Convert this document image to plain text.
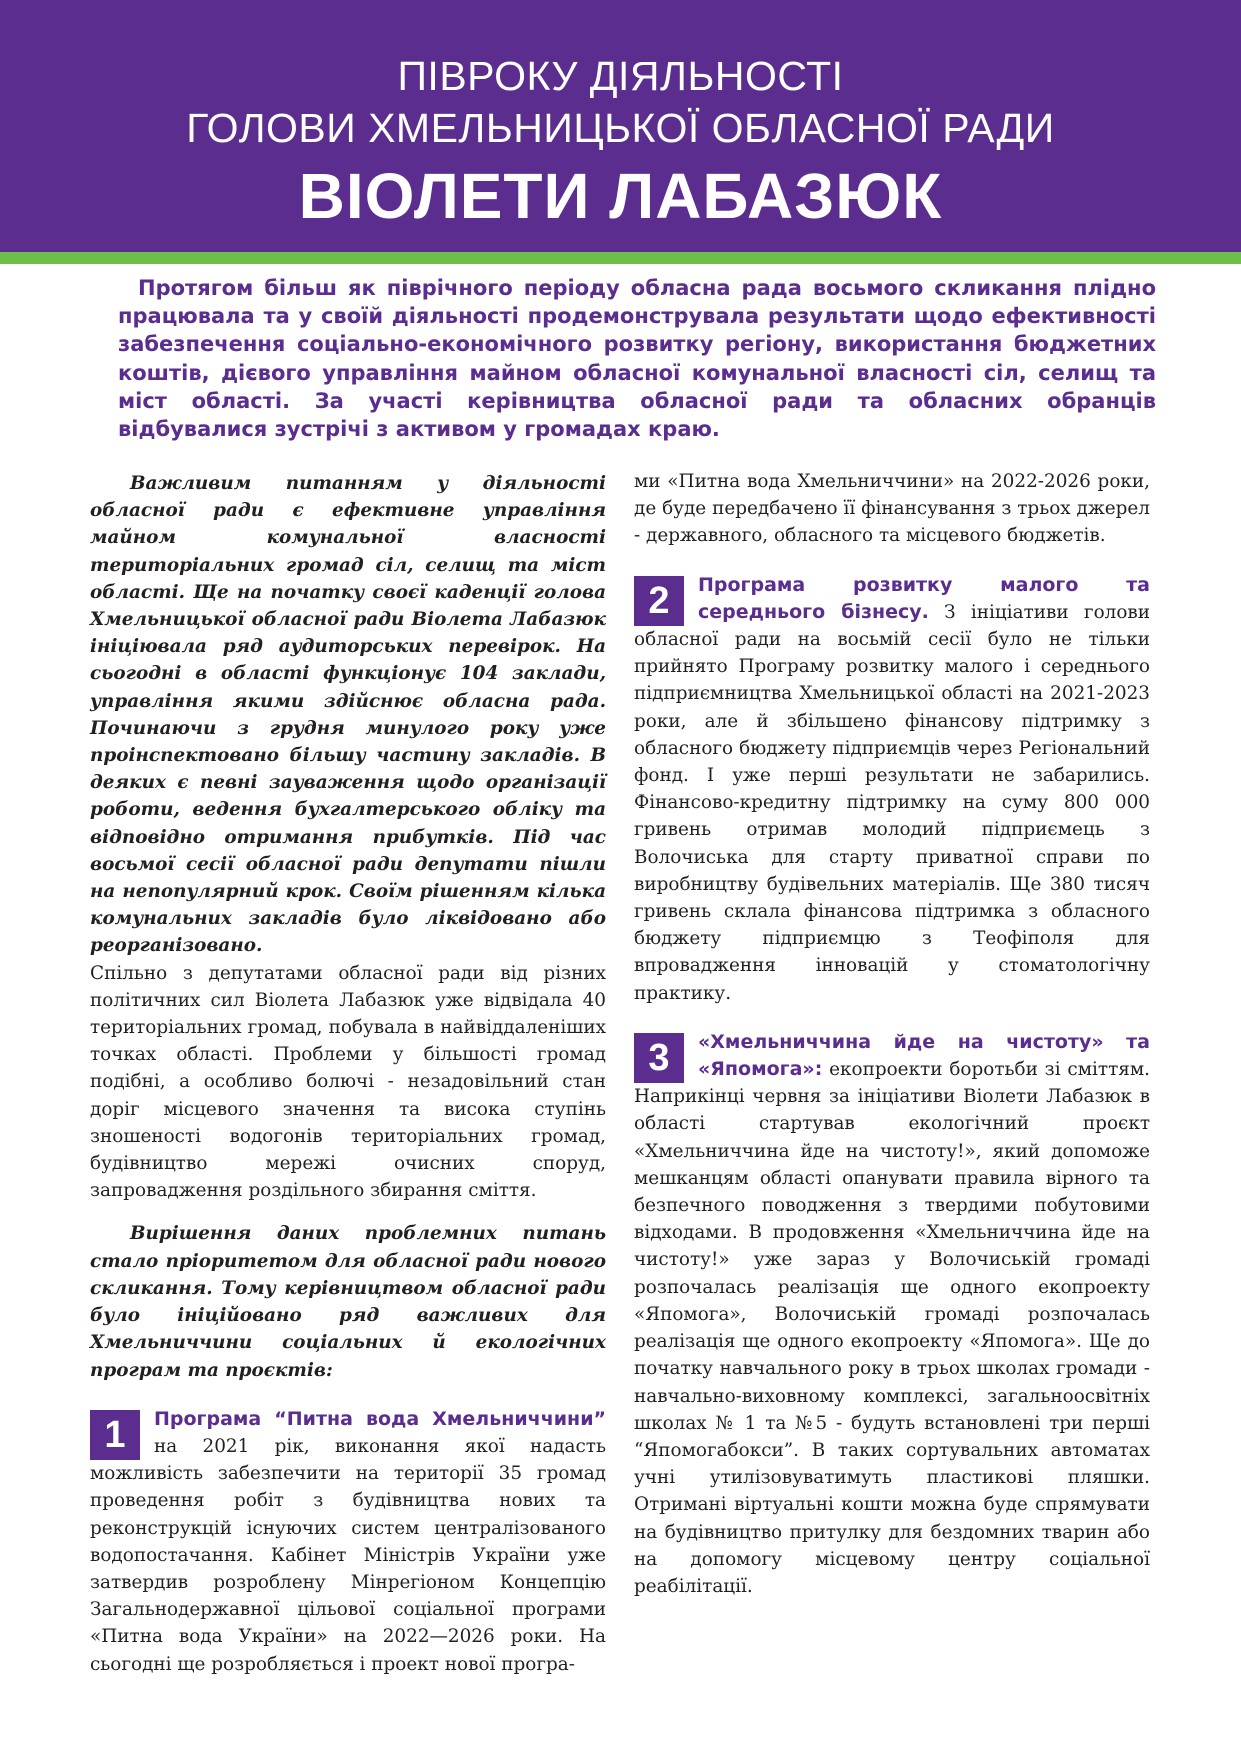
ПІВРОКУ ДІЯЛЬНОСТІ
ГОЛОВИ ХМЕЛЬНИЦЬКОЇ ОБЛАСНОЇ РАДИ
ВІОЛЕТИ ЛАБАЗЮК
Протягом більш як піврічного періоду обласна рада восьмого скликання плідно працювала та у своїй діяльності продемонструвала результати щодо ефективності забезпечення соціально-економічного розвитку регіону, використання бюджетних коштів, дієвого управління майном обласної комунальної власності сіл, селищ та міст області. За участі керівництва обласної ради та обласних обранців відбувалися зустрічі з активом у громадах краю.

Важливим питанням у діяльності обласної ради є ефективне управління майном комунальної власності територіальних громад сіл, селищ та міст області. Ще на початку своєї каденції голова Хмельницької обласної ради Віолета Лабазюк ініціювала ряд аудиторських перевірок. На сьогодні в області функціонує 104 заклади, управління якими здійснює обласна рада. Починаючи з грудня минулого року уже проінспектовано більшу частину закладів. В деяких є певні зауваження щодо організації роботи, ведення бухгалтерського обліку та відповідно отримання прибутків. Під час восьмої сесії обласної ради депутати пішли на непопулярний крок. Своїм рішенням кілька комунальних закладів було ліквідовано або реорганізовано.

Спільно з депутатами обласної ради від різних політичних сил Віолета Лабазюк уже відвідала 40 територіальних громад, побувала в найвіддаленіших точках області. Проблеми у більшості громад подібні, а особливо болючі - незадовільний стан доріг місцевого значення та висока ступінь зношеності водогонів територіальних громад, будівництво мережі очисних споруд, запровадження роздільного збирання сміття.

Вирішення даних проблемних питань стало пріоритетом для обласної ради нового скликання. Тому керівництвом обласної ради було ініційовано ряд важливих для Хмельниччини соціальних й екологічних програм та проєктів:

1	Програма “Питна вода Хмельниччини” на 2021 рік, виконання якої надасть можливість забезпечити на території 35 громад проведення робіт з будівництва нових та реконструкцій існуючих систем централізованого водопостачання. Кабінет Міністрів України уже затвердив розроблену Мінрегіоном Концепцію Загальнодержавної цільової соціальної програми «Питна вода України» на 2022—2026 роки. На сьогодні ще розробляється і проект нової програ-

ми «Питна вода Хмельниччини» на 2022-2026 роки, де буде передбачено її фінансування з трьох джерел - державного, обласного та місцевого бюджетів.

2	Програма розвитку малого та середнього бізнесу. З ініціативи голови обласної ради на восьмій сесії було не тільки прийнято Програму розвитку малого і середнього підприємництва Хмельницької області на 2021-2023 роки, але й збільшено фінансову підтримку з обласного бюджету підприємців через Регіональний фонд. І уже перші результати не забарились. Фінансово-кредитну підтримку на суму 800 000 гривень отримав молодий підприємець з Волочиська для старту приватної справи по виробництву будівельних матеріалів. Ще 380 тисяч гривень склала фінансова підтримка з обласного бюджету підприємцю з Теофіполя для впровадження інновацій у стоматологічну практику.
3	«Хмельниччина йде на чистоту» та «Япомога»: екопроекти боротьби зі сміттям. Наприкінці червня за ініціативи Віолети Лабазюк в області стартував екологічний проєкт «Хмельниччина йде на чистоту!», який допоможе мешканцям області опанувати правила вірного та безпечного поводження з твердими побутовими відходами. В продовження «Хмельниччина йде на чистоту!» уже зараз у Волочиській громаді розпочалась реалізація ще одного екопроекту «Япомога», Волочиській громаді розпочалась реалізація ще одного екопроекту «Япомога». Ще до початку навчального року в трьох школах громади - навчально-виховному комплексі, загальноосвітніх школах № 1 та №5 - будуть встановлені три перші “Япомогабокси”. В таких сортувальних автоматах учні утилізовуватимуть пластикові пляшки. Отримані віртуальні кошти можна буде спрямувати на будівництво притулку для бездомних тварин або на допомогу місцевому центру соціальної реабілітації.
